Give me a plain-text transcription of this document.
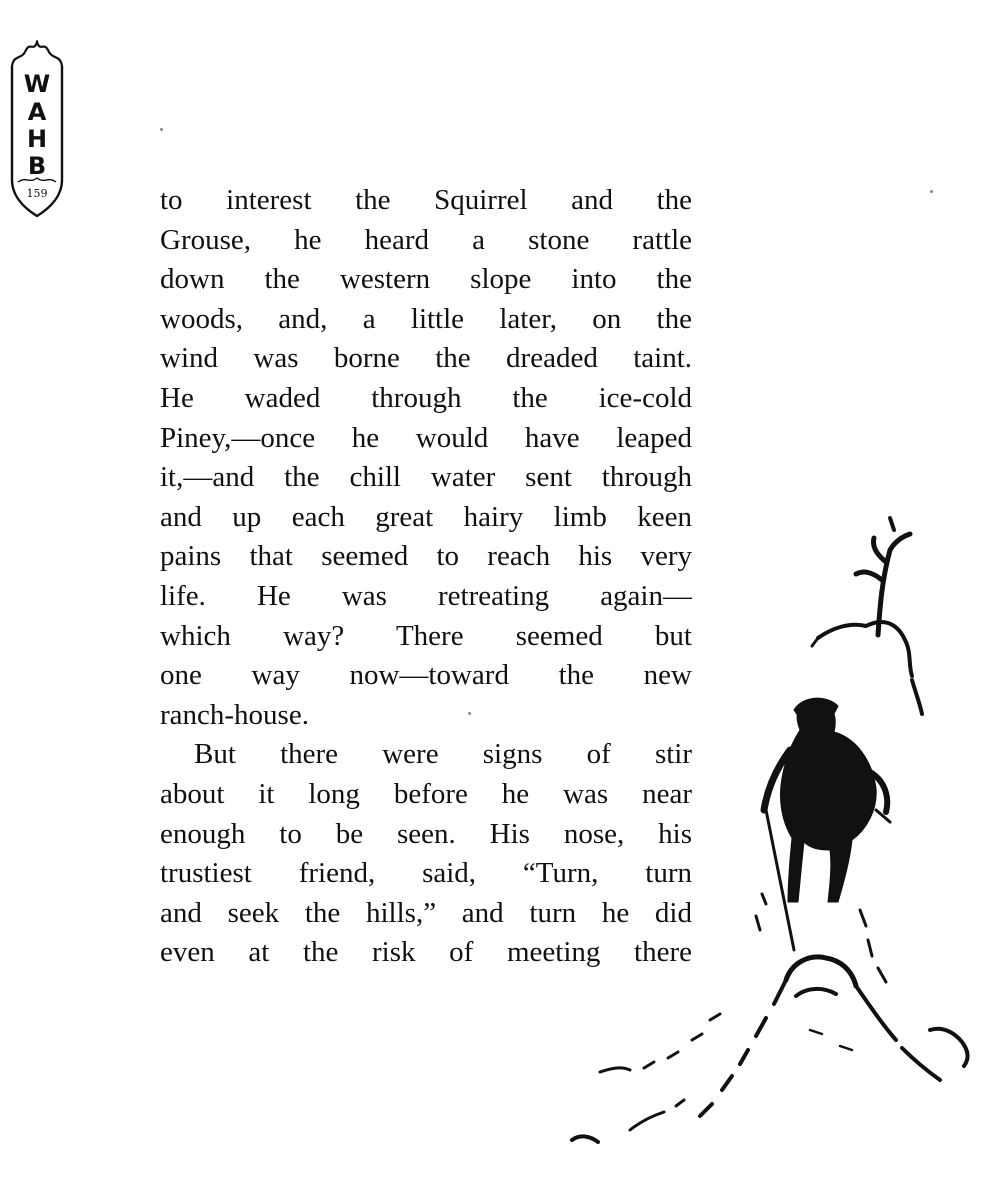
W
A
H
B
159	to interest the Squirrel and the
Grouse, he heard a stone rattle
down the western slope into the
woods, and, a little later, on the
wind was borne the dreaded taint.
He waded through the ice-cold
Piney,—once he would have leaped
it,—and the chill water sent through
and up each great hairy limb keen
pains that seemed to reach his very
life. He was retreating again—
which way? There seemed but
one way now—toward the new
ranch-house.
But there were signs of stir
about it long before he was near
enough to be seen. His nose, his
trustiest friend, said, “Turn, turn
and seek the hills,” and turn he did
even at the risk of meeting there
